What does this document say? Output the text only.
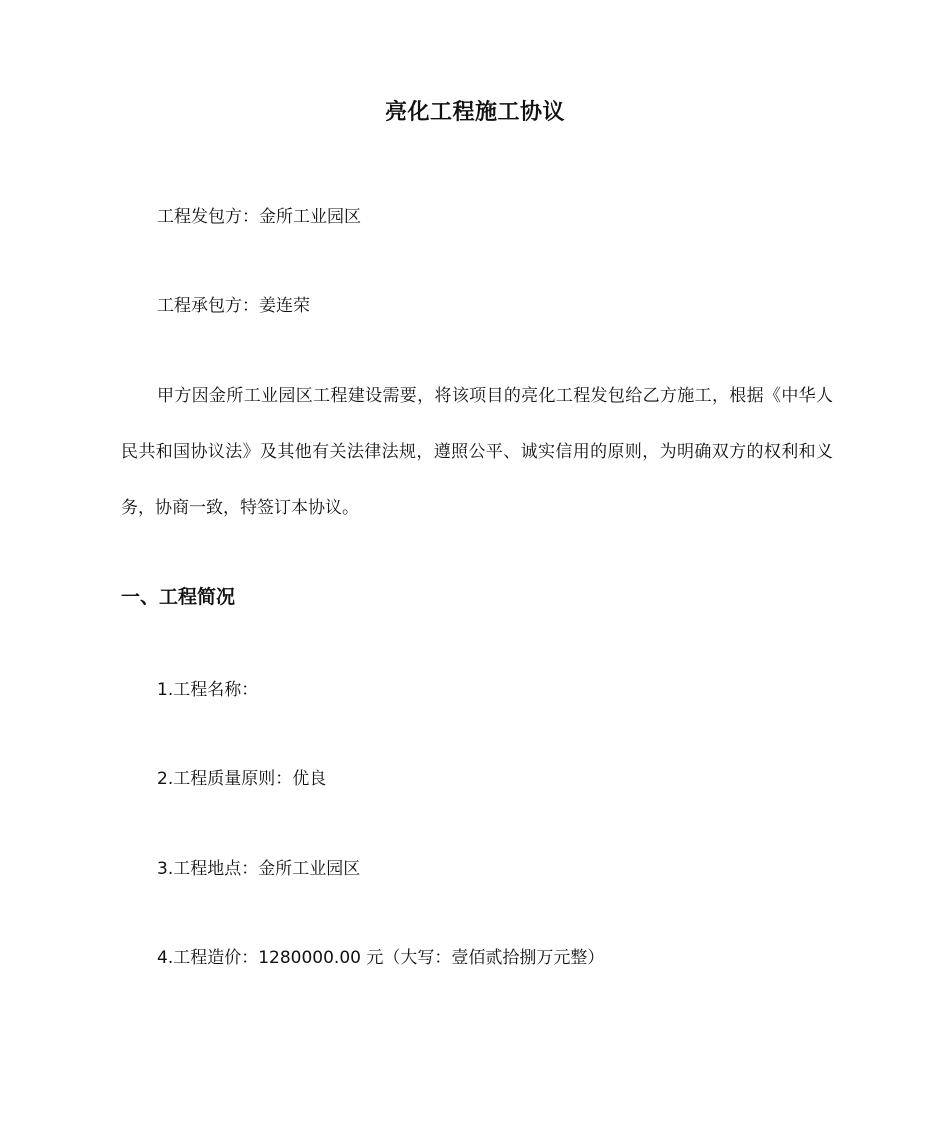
亮化工程施工协议
工程发包方：金所工业园区
工程承包方：姜连荣
甲方因金所工业园区工程建设需要，将该项目的亮化工程发包给乙方施工，根据《中华人民共和国协议法》及其他有关法律法规，遵照公平、诚实信用的原则，为明确双方的权利和义务，协商一致，特签订本协议。
一、工程简况
1.工程名称：
2.工程质量原则：优良
3.工程地点：金所工业园区
4.工程造价：1280000.00 元（大写：壹佰贰拾捌万元整）
